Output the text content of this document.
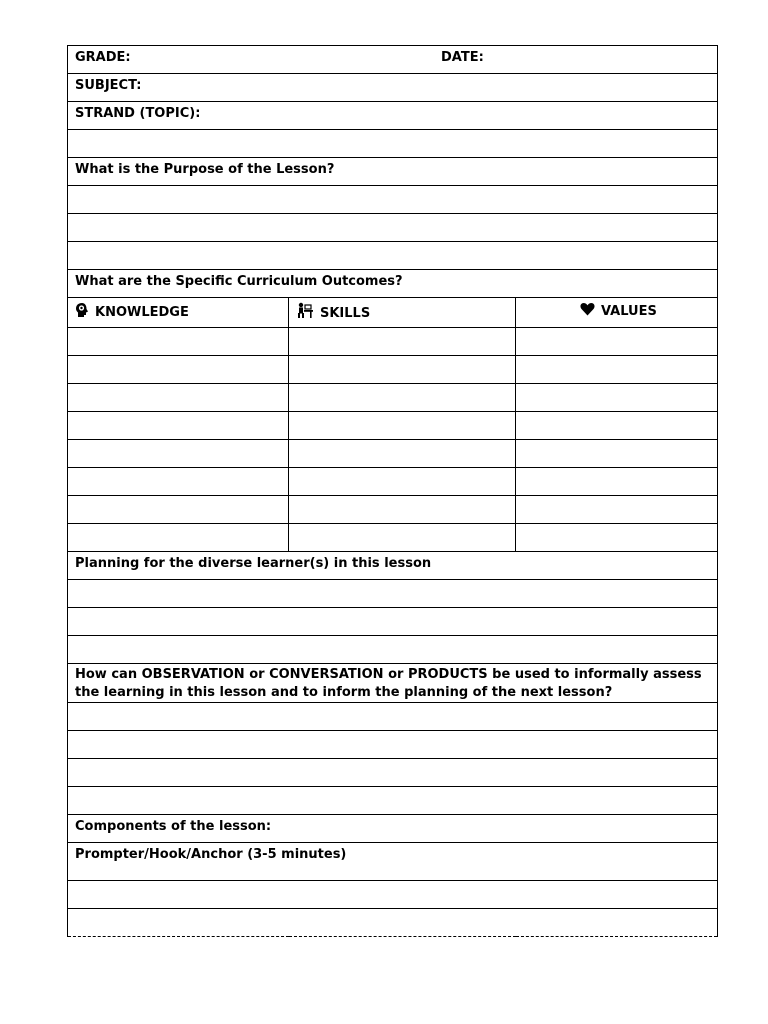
GRADE: DATE:		

SUBJECT:		

STRAND (TOPIC):		

What is the Purpose of the Lesson?		

What are the Specific Curriculum Outcomes?		

KNOWLEDGE	SKILLS	VALUES

Planning for the diverse learner(s) in this lesson		

How can OBSERVATION or CONVERSATION or PRODUCTS be used to informally assess the learning in this lesson and to inform the planning of the next lesson?		

Components of the lesson:		

Prompter/Hook/Anchor (3-5 minutes)		
